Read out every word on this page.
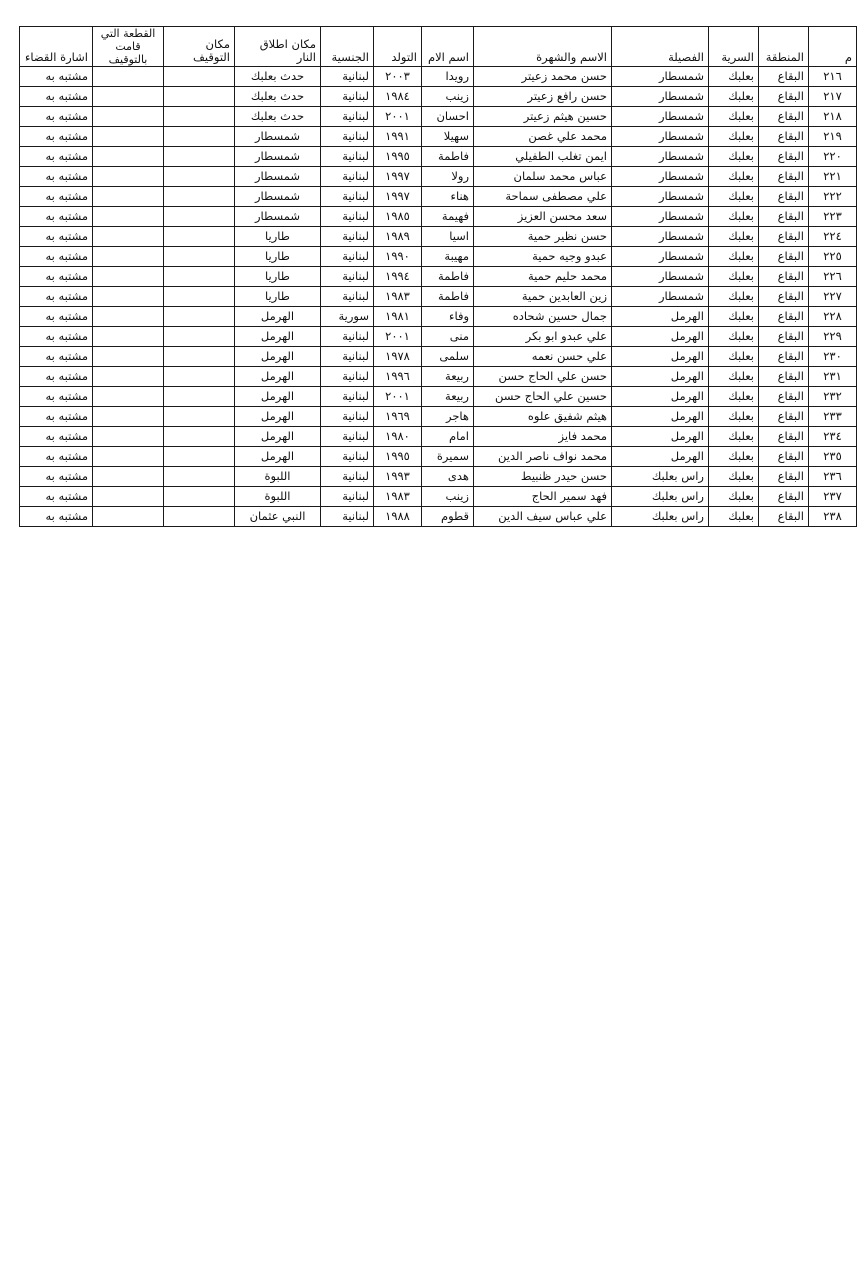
م	المنطقة	السرية	الفصيلة	الاسم والشهرة	اسم الام	التولد	الجنسية	مكان اطلاق النار	مكان التوقيف	القطعة التي قامت بالتوقيف	اشارة القضاء
٢١٦	البقاع	بعلبك	شمسطار	حسن محمد زعيتر	رويدا	٢٠٠٣	لبنانية	حدث بعلبك			مشتبه به
٢١٧	البقاع	بعلبك	شمسطار	حسن رافع زعيتر	زينب	١٩٨٤	لبنانية	حدث بعلبك			مشتبه به
٢١٨	البقاع	بعلبك	شمسطار	حسين هيثم زعيتر	احسان	٢٠٠١	لبنانية	حدث بعلبك			مشتبه به
٢١٩	البقاع	بعلبك	شمسطار	محمد علي غصن	سهيلا	١٩٩١	لبنانية	شمسطار			مشتبه به
٢٢٠	البقاع	بعلبك	شمسطار	ايمن تغلب الطفيلي	فاطمة	١٩٩٥	لبنانية	شمسطار			مشتبه به
٢٢١	البقاع	بعلبك	شمسطار	عباس محمد سلمان	رولا	١٩٩٧	لبنانية	شمسطار			مشتبه به
٢٢٢	البقاع	بعلبك	شمسطار	علي مصطفى سماحة	هناء	١٩٩٧	لبنانية	شمسطار			مشتبه به
٢٢٣	البقاع	بعلبك	شمسطار	سعد محسن العزيز	فهيمة	١٩٨٥	لبنانية	شمسطار			مشتبه به
٢٢٤	البقاع	بعلبك	شمسطار	حسن نظير حمية	اسيا	١٩٨٩	لبنانية	طاريا			مشتبه به
٢٢٥	البقاع	بعلبك	شمسطار	عبدو وجيه حمية	مهيبة	١٩٩٠	لبنانية	طاريا			مشتبه به
٢٢٦	البقاع	بعلبك	شمسطار	محمد حليم حمية	فاطمة	١٩٩٤	لبنانية	طاريا			مشتبه به
٢٢٧	البقاع	بعلبك	شمسطار	زين العابدين حمية	فاطمة	١٩٨٣	لبنانية	طاريا			مشتبه به
٢٢٨	البقاع	بعلبك	الهرمل	جمال حسين شحاده	وفاء	١٩٨١	سورية	الهرمل			مشتبه به
٢٢٩	البقاع	بعلبك	الهرمل	علي عبدو ابو بكر	منى	٢٠٠١	لبنانية	الهرمل			مشتبه به
٢٣٠	البقاع	بعلبك	الهرمل	علي حسن نعمه	سلمى	١٩٧٨	لبنانية	الهرمل			مشتبه به
٢٣١	البقاع	بعلبك	الهرمل	حسن علي الحاج حسن	ربيعة	١٩٩٦	لبنانية	الهرمل			مشتبه به
٢٣٢	البقاع	بعلبك	الهرمل	حسين علي الحاج حسن	ربيعة	٢٠٠١	لبنانية	الهرمل			مشتبه به
٢٣٣	البقاع	بعلبك	الهرمل	هيثم شفيق علوه	هاجر	١٩٦٩	لبنانية	الهرمل			مشتبه به
٢٣٤	البقاع	بعلبك	الهرمل	محمد فايز	امام	١٩٨٠	لبنانية	الهرمل			مشتبه به
٢٣٥	البقاع	بعلبك	الهرمل	محمد نواف ناصر الدين	سميرة	١٩٩٥	لبنانية	الهرمل			مشتبه به
٢٣٦	البقاع	بعلبك	راس بعلبك	حسن حيدر ظنبيط	هدى	١٩٩٣	لبنانية	اللبوة			مشتبه به
٢٣٧	البقاع	بعلبك	راس بعلبك	فهد سمير الحاج	زينب	١٩٨٣	لبنانية	اللبوة			مشتبه به
٢٣٨	البقاع	بعلبك	راس بعلبك	علي عباس سيف الدين	قطوم	١٩٨٨	لبنانية	النبي عثمان			مشتبه به
